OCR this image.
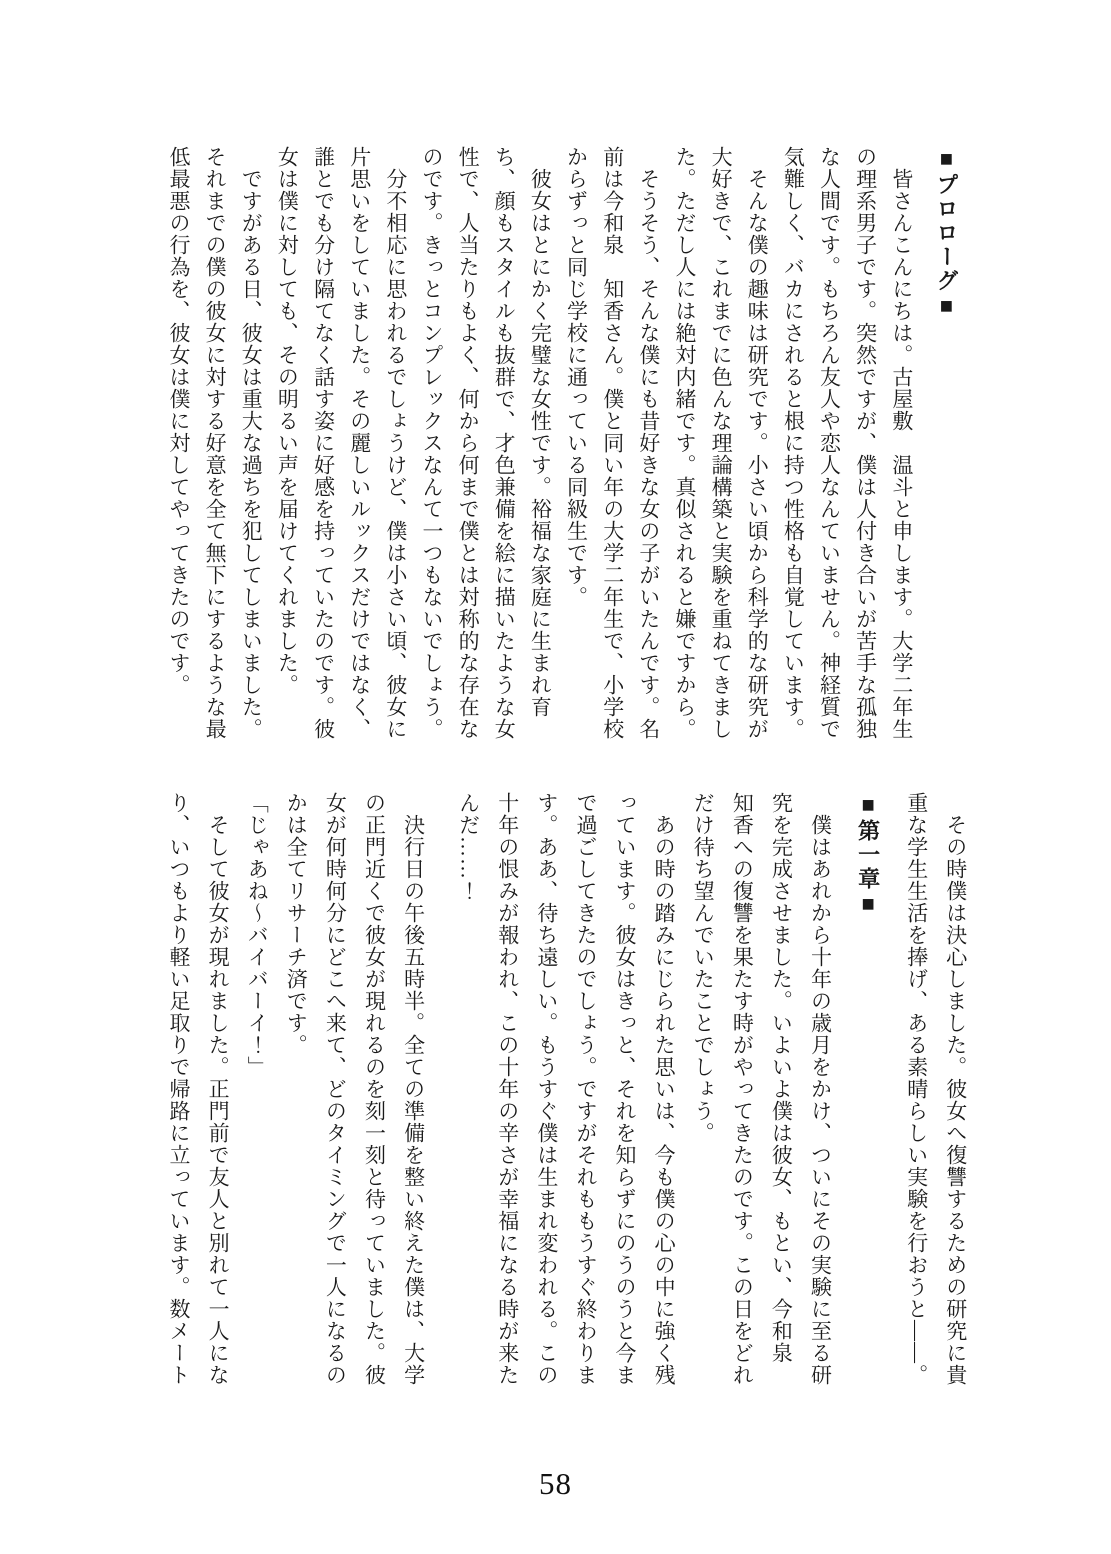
■プロローグ■
　皆さんこんにちは。古屋敷　温斗と申します。大学二年生
の理系男子です。突然ですが、僕は人付き合いが苦手な孤独
な人間です。もちろん友人や恋人なんていません。神経質で
気難しく、バカにされると根に持つ性格も自覚しています。
　そんな僕の趣味は研究です。小さい頃から科学的な研究が
大好きで、これまでに色んな理論構築と実験を重ねてきまし
た。ただし人には絶対内緒です。真似されると嫌ですから。
　そうそう、そんな僕にも昔好きな女の子がいたんです。名
前は今和泉　知香さん。僕と同い年の大学二年生で、小学校
からずっと同じ学校に通っている同級生です。
　彼女はとにかく完璧な女性です。裕福な家庭に生まれ育
ち、顔もスタイルも抜群で、才色兼備を絵に描いたような女
性で、人当たりもよく、何から何まで僕とは対称的な存在な
のです。きっとコンプレックスなんて一つもないでしょう。
　分不相応に思われるでしょうけど、僕は小さい頃、彼女に
片思いをしていました。その麗しいルックスだけではなく、
誰とでも分け隔てなく話す姿に好感を持っていたのです。彼
女は僕に対しても、その明るい声を届けてくれました。
　ですがある日、彼女は重大な過ちを犯してしまいました。
それまでの僕の彼女に対する好意を全て無下にするような最
低最悪の行為を、彼女は僕に対してやってきたのです。
　その時僕は決心しました。彼女へ復讐するための研究に貴
重な学生生活を捧げ、ある素晴らしい実験を行おうと――。
■第一章■
　僕はあれから十年の歳月をかけ、ついにその実験に至る研
究を完成させました。いよいよ僕は彼女、もとい、今和泉
知香への復讐を果たす時がやってきたのです。この日をどれ
だけ待ち望んでいたことでしょう。
　あの時の踏みにじられた思いは、今も僕の心の中に強く残
っています。彼女はきっと、それを知らずにのうのうと今ま
で過ごしてきたのでしょう。ですがそれももうすぐ終わりま
す。ああ、待ち遠しい。もうすぐ僕は生まれ変われる。この
十年の恨みが報われ、この十年の辛さが幸福になる時が来た
んだ……！
　決行日の午後五時半。全ての準備を整い終えた僕は、大学
の正門近くで彼女が現れるのを刻一刻と待っていました。彼
女が何時何分にどこへ来て、どのタイミングで一人になるの
かは全てリサーチ済です。
「じゃあね～バイバーイ！」
　そして彼女が現れました。正門前で友人と別れて一人にな
り、いつもより軽い足取りで帰路に立っています。数メート
58
